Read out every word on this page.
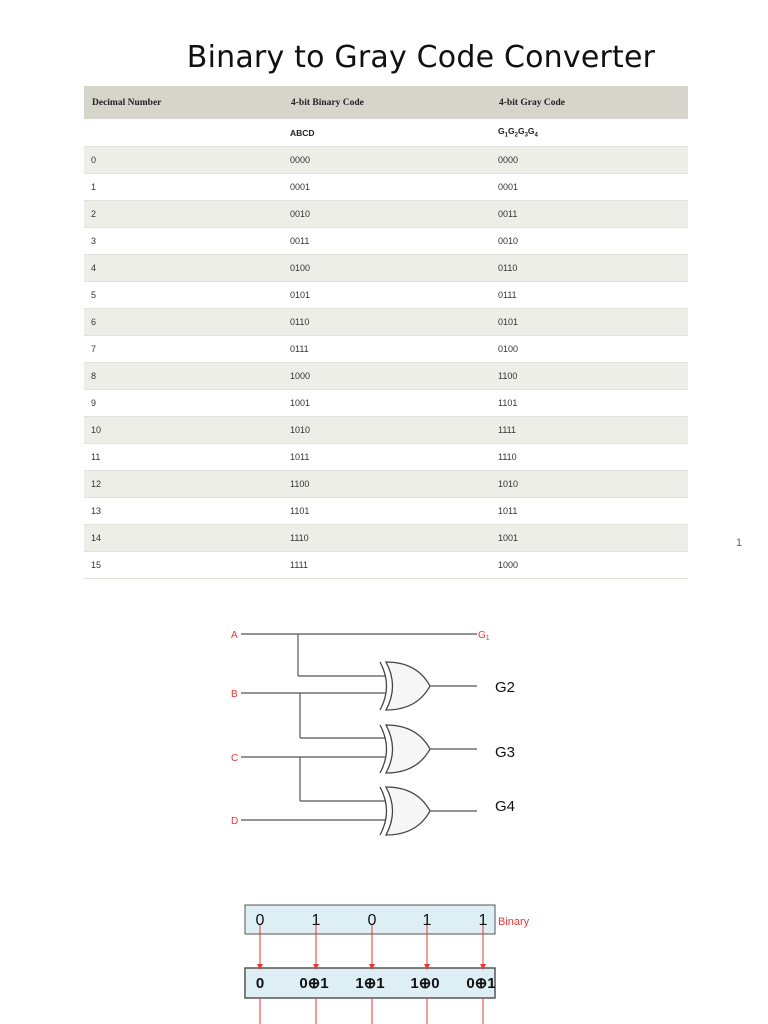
Binary to Gray Code Converter
Decimal Number	4-bit Binary Code	4-bit Gray Code
	ABCD	$G_1G_2G_3G_4$
0	0000	0000
1	0001	0001
2	0010	0011
3	0011	0010
4	0100	0110
5	0101	0111
6	0110	0101
7	0111	0100
8	1000	1100
9	1001	1101
10	1010	1111
11	1011	1110
12	1100	1010
13	1101	1011
14	1110	1001
15	1111	1000
1
A
B
C
D
$G_1$
G2
G3
G4
0	1	0	1	1
0 0⊕1 1⊕1 1⊕0 0⊕1
Binary
